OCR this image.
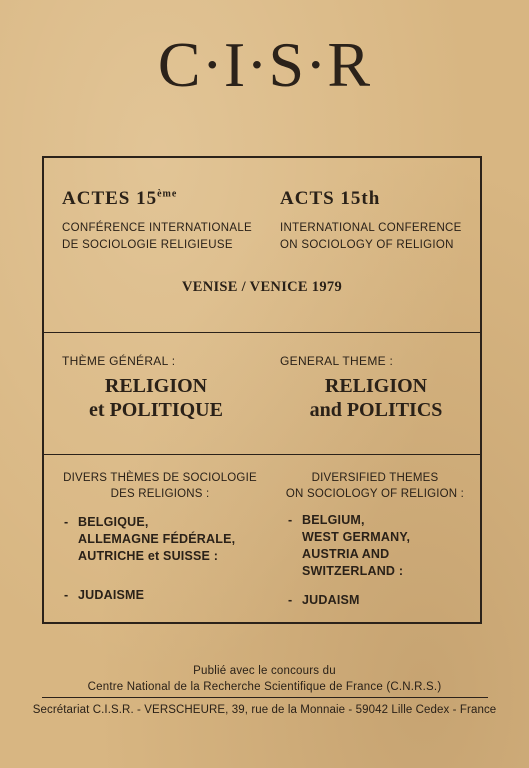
C·I·S·R
ACTES 15ème
CONFÉRENCE INTERNATIONALE
DE SOCIOLOGIE RELIGIEUSE
ACTS 15th
INTERNATIONAL CONFERENCE
ON SOCIOLOGY OF RELIGION
VENISE / VENICE 1979
THÈME GÉNÉRAL :	GENERAL THEME :
RELIGION
et POLITIQUE
RELIGION
and POLITICS
DIVERS THÈMES DE SOCIOLOGIE
DES RELIGIONS :
DIVERSIFIED THEMES
ON SOCIOLOGY OF RELIGION :
- BELGIQUE,
ALLEMAGNE FÉDÉRALE,
AUTRICHE et SUISSE :
- JUDAISME
- BELGIUM,
WEST GERMANY,
AUSTRIA AND
SWITZERLAND :
- JUDAISM
Publié avec le concours du
Centre National de la Recherche Scientifique de France (C.N.R.S.)
Secrétariat C.I.S.R. - VERSCHEURE, 39, rue de la Monnaie - 59042 Lille Cedex - France
